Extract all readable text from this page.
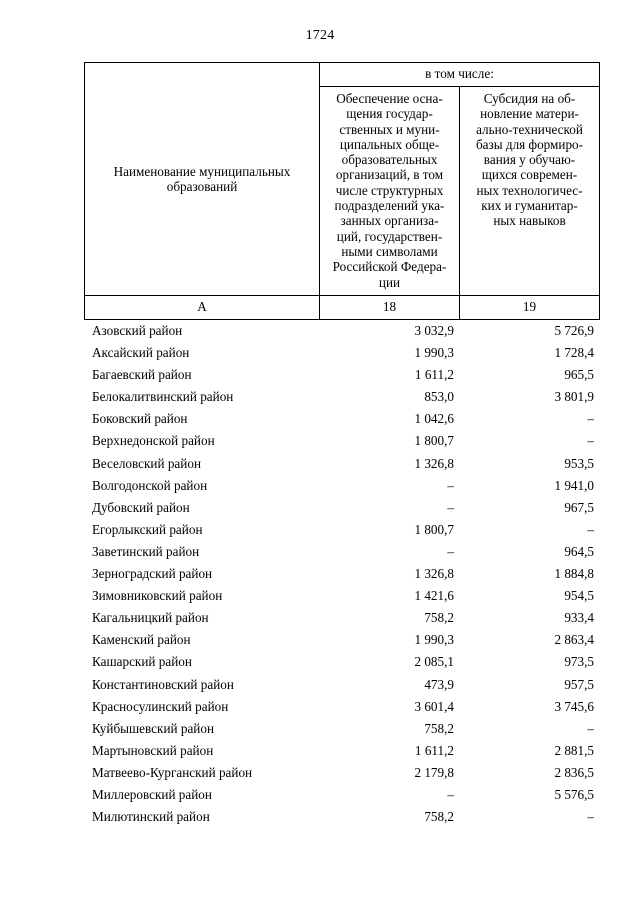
1724
в том числе:
Наименование муниципальных
образований
Обеспечение осна-
щения государ-
ственных и муни-
ципальных обще-
образовательных
организаций, в том
числе структурных
подразделений ука-
занных организа-
ций, государствен-
ными символами
Российской Федера-
ции
Субсидия на об-
новление матери-
ально-технической
базы для формиро-
вания у обучаю-
щихся современ-
ных технологичес-
ких и гуманитар-
ных навыков
А	18	19
Азовский район	3 032,9	5 726,9
Аксайский район	1 990,3	1 728,4
Багаевский район	1 611,2	965,5
Белокалитвинский район	853,0	3 801,9
Боковский район	1 042,6	–
Верхнедонской район	1 800,7	–
Веселовский район	1 326,8	953,5
Волгодонской район	–	1 941,0
Дубовский район	–	967,5
Егорлыкский район	1 800,7	–
Заветинский район	–	964,5
Зерноградский район	1 326,8	1 884,8
Зимовниковский район	1 421,6	954,5
Кагальницкий район	758,2	933,4
Каменский район	1 990,3	2 863,4
Кашарский район	2 085,1	973,5
Константиновский район	473,9	957,5
Красносулинский район	3 601,4	3 745,6
Куйбышевский район	758,2	–
Мартыновский район	1 611,2	2 881,5
Матвеево-Курганский район	2 179,8	2 836,5
Миллеровский район	–	5 576,5
Милютинский район	758,2	–
